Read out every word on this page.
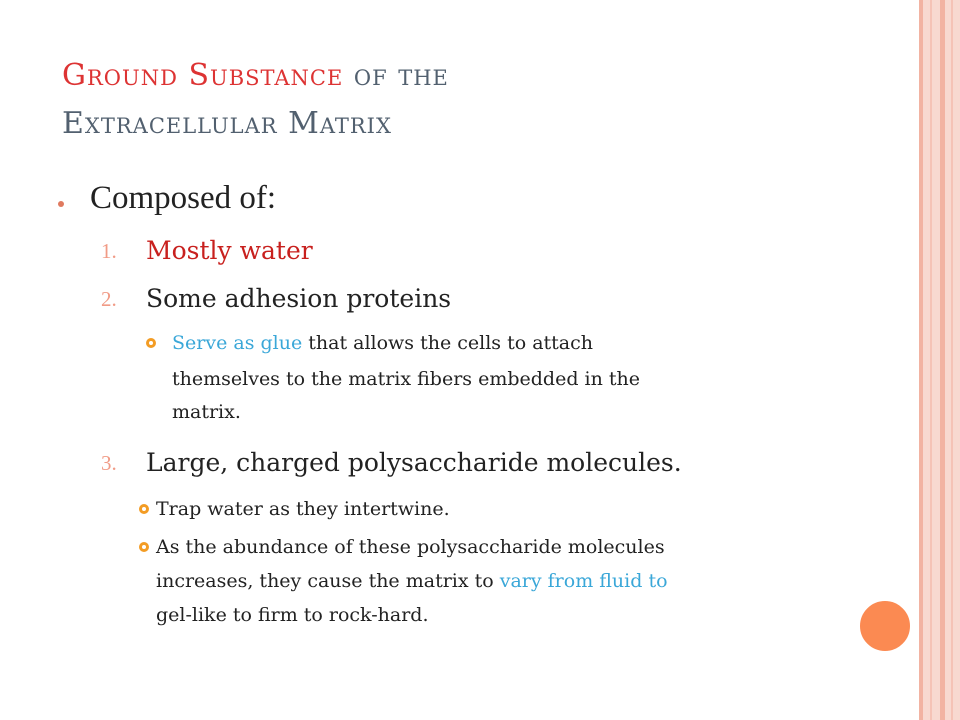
Ground Substance of the
Extracellular Matrix
Composed of:
1. Mostly water
2. Some adhesion proteins
Serve as glue that allows the cells to attach
themselves to the matrix fibers embedded in the
matrix.
3. Large, charged polysaccharide molecules.
Trap water as they intertwine.
As the abundance of these polysaccharide molecules
increases, they cause the matrix to vary from fluid to
gel-like to firm to rock-hard.
